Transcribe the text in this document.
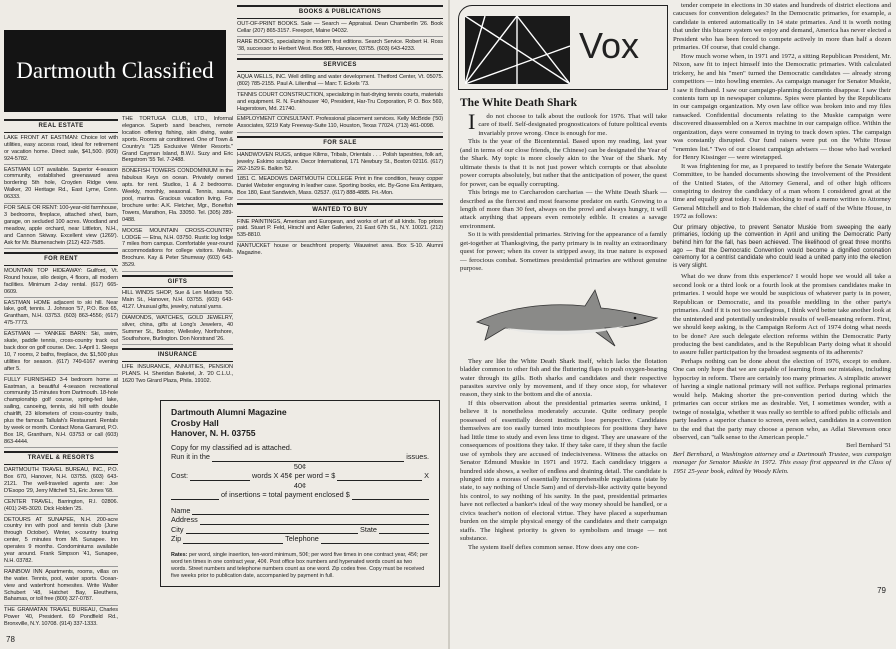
Dartmouth Classified
REAL ESTATE
LAKE FRONT AT EASTMAN: Choice lot with utilities, easy access road, ideal for retirement or vacation home. Direct sale, $41,500. (609) 924-5782.
EASTMAN LOT available. Superior 4-season community, established greenaward area bordering 5th hole, Croyden Ridge view. Walker, 20 Heritage Rd., East Lyme, Conn. 06333.
FOR SALE OR RENT: 100-year-old farmhouse, 3 bedrooms, fireplace, attached shed, barn, garage, on secluded 100 acres. Woodland and meadow, apple orchard, near Littleton, N.H., and Cannon Skiway. Excellent view (1269'). Ask for Mr. Blumenschein (212) 422-7585.
FOR RENT
MOUNTAIN TOP HIDEAWAY: Guilford, Vt. Round house, silo design, 4 floors, all modern facilities. Minimum 2-day rental. (617) 665-0609.
EASTMAN HOME adjacent to ski hill. Near lake, golf, tennis. J. Johnson '57, P.O. Box 65, Grantham, N.H. 03753. (603) 863-4556; (617) 475-7773.
EASTMAN — YANKEE BARN: Ski, swim, skate, paddle tennis, cross-country track out back door on golf course. Dec. 1-April 1. Sleeps 10, 7 rooms, 2 baths, fireplace, dw. $1,500 plus utilities for season. (617) 749-6167 evening after 5.
FULLY FURNISHED 3-4 bedroom home at Eastman, a beautiful 4-season recreational community 15 minutes from Dartmouth. 18-hole championship golf course, spring-fed lake, sailing, canoeing, tennis, ski hill with double chairlift, 23 kilometers of cross-country trails, plus the famous Tallulah's Restaurant. Rentals by week or month. Contact Mona Garrand, P.O. Box 1R, Grantham, N.H. 03753 or call (603) 863-4444.
TRAVEL & RESORTS
DARTMOUTH TRAVEL BUREAU, INC., P.O. Box 670, Hanover, N.H. 03755. (603) 643-2121. The well-traveled agents are: Joe D'Esopo '29, Jerry Mitchell '51, Eric Jones '68.
CENTER TRAVEL, Barrington, R.I. 02806. (401) 245-3020. Dick Holden '25.
DETOURS AT SUNAPEE, N.H. 200-acre country inn with pool and tennis club (June through October). Winter, x-country touring center, 5 minutes from Mt. Sunapee. Inn operates 9 months. Condominiums available year around. Frank Simpson '41, Sunapee, N.H. 03782.
RAINBOW INN Apartments, rooms, villas on the water. Tennis, pool, water sports. Ocean-view and waterfront homesites. Write Walter Schubert '48, Hatchet Bay, Eleuthera, Bahamas, or toll free (800) 327-0787.
THE GRAMATAN TRAVEL BUREAU, Charles Power '40, President. 69 Pondfield Rd., Bronxville, N.Y. 10708. (914) 337-1333.
THE TORTUGA CLUB, LTD., Informal elegance. Superb sand beaches, remote location offering fishing, skin diving, water sports. Rooms air conditioned. One of Town & Country's "125 Exclusive Winter Resorts." Grand Cayman Island, B.W.I. Suzy and Eric Bergstrom '55 Tel. 7-2488.
BONEFISH TOWERS CONDOMINIUM in the fabulous Keys on ocean. Privately owned apts. for rent. Studios, 1 & 2 bedrooms. Weekly, monthly, seasonal. Tennis, sauna, pool, marina. Gracious vacation living. For brochure write: A.K. Fletcher, Mgr., Bonefish Towers, Marathon, Fla. 33050. Tel. (305) 289-0488.
MOOSE MOUNTAIN CROSS-COUNTRY LODGE — Etna, N.H. 03750. Rustic log lodge 7 miles from campus. Comfortable year-round accommodations for college visitors. Meals. Brochure. Kay & Peter Shumway (603) 643-3529.
GIFTS
HILL WINDS SHOP, Sue & Len Matless '50. Main St., Hanover, N.H. 03755. (603) 643-4127. Unusual gifts, jewelry, natural yarns.
DIAMONDS, WATCHES, GOLD JEWELRY, silver, china, gifts at Long's Jewelers, 40 Summer St., Boston; Wellesley, Northshore, Southshore, Burlington. Don Norstrand '26.
INSURANCE
LIFE INSURANCE, ANNUITIES, PENSION PLANS. H. Sheridan Baketel, Jr. '20 C.L.U., 1620 Two Girard Plaza, Phila. 19102.
BOOKS & PUBLICATIONS
OUT-OF-PRINT BOOKS. Sale — Search — Appraisal. Dean Chamberlin '26. Book Cellar (207) 865-3157. Freeport, Maine 04032.
RARE BOOKS, specializing in modern first editions. Search Service. Robert H. Ross '38, successor to Herbert West. Box 985, Hanover, 03755. (603) 643-4233.
SERVICES
AQUA WELLS, INC. Well drilling and water development. Thetford Center, Vt. 05075. (802) 785-2155. Paul A. Lilienthal — Marc T. Eckels '73.
TENNIS COURT CONSTRUCTION, specializing in fast-drying tennis courts, materials and equipment. R. N. Funkhouser '40, President, Har-Tru Corporation, P. O. Box 569, Hagerstown, Md. 21740.
EMPLOYMENT CONSULTANT. Professional placement services. Kelly McBride ('50) Associates, 9219 Katy Freeway-Suite 110, Houston, Texas 77024. (713) 461-0098.
FOR SALE
HANDWOVEN RUGS, antique Kilims, Tribals, Orientals . . . Polish tapestries, folk art, jewelry. Eskimo sculpture. Decor International, 171 Newbury St., Boston 02116. (617) 262-1529 E. Balkin '52.
1851 C. MEADOWS DARTMOUTH COLLEGE Print in fine condition, heavy copper Daniel Webster engraving in leather case. Sporting books, etc. By-Gone Era Antiques, Box 180, East Sandwich, Mass. 02537. (617) 888-4885. Fri.-Mon.
WANTED TO BUY
FINE PAINTINGS, American and European, and works of art of all kinds. Top prices paid. Stuart P. Feld, Hirschl and Adler Galleries, 21 East 67th St., N.Y. 10021. (212) 535-8810.
NANTUCKET house or beachfront property. Wauwinet area. Box S-10. Alumni Magazine.
Dartmouth Alumni Magazine
Crosby Hall
Hanover, N. H. 03755
Copy for my classified ad is attached.
Run it in the	issues.
50¢
Cost:	words X 45¢ per word = $	X
40¢
of insertions = total payment enclosed $
Name
Address
City	State
Zip	Telephone
Rates: per word, single insertion, ten-word minimum, 50¢; per word five times in one contract year, 45¢; per word ten times in one contract year, 40¢. Post office box numbers and hypenated words count as two words. Street numbers and telephone numbers count as one word. Zip codes free. Copy must be received five weeks prior to publication date, accompanied by payment in full.
78
Vox
The White Death Shark

Ido not choose to talk about the outlook for 1976. That will take care of itself. Self-designated prognosticators of future political events invariably prove wrong. Once is enough for me.

This is the year of the Bicentennial. Based upon my reading, last year (and in terms of our close friends, the Chinese) can be designated the Year of the Shark. My topic is more closely akin to the Year of the Shark. My ultimate thesis is that it is not just power which corrupts or that absolute power corrupts absolutely, but rather that the anticipation of power, the quest for power, can be equally corrupting.

This brings me to Carcharodon carcharias — the White Death Shark — described as the fiercest and most fearsome predator on earth. Growing to a length of more than 30 feet, always on the prowl and always hungry, it will attack anything that appears even remotely edible. It creates a savage environment.

So it is with presidential primaries. Striving for the appearance of a family get-together at Thanksgiving, the party primary is in reality an extraordinary quest for power; when its cover is stripped away, its true nature is exposed — ferocious combat. Sometimes presidential primaries are without genuine purpose.

They are like the White Death Shark itself, which lacks the flotation bladder common to other fish and the fluttering flaps to push oxygen-bearing water through its gills. Both sharks and candidates and their respective parasites survive only by movement, and if they once stop, for whatever reason, they sink to the bottom and die of anoxia.

If this observation about the presidential primaries seems unkind, I believe it is nonetheless moderately accurate. Quite ordinary people possessed of essentially decent instincts lose perspective. Candidates themselves are too easily turned into mouthpieces for positions they have had little time to study and even less time to digest. They are unaware of the consequences of positions they take. If they take care, if they shun the facile use of symbols they are accused of indecisiveness. Witness the attacks on Senator Edmund Muskie in 1971 and 1972. Each candidacy triggers a hundred side shows, a welter of endless and draining detail. The candidate is plunged into a morass of essentially incomprehensible regulations (state by state, to say nothing of Uncle Sam) and of dervish-like activity quite beyond his control, to say nothing of his sanity. In the past, presidential primaries have not reflected a banker's ideal of the way money should be handled, or a civics teacher's notion of electoral virtue. They have placed a superhuman burden on the simple physical energy of the candidates and their campaign staffs. The highest priority is given to symbolism and image — not substance.

The system itself defies common sense. How does any one con-

tender compete in elections in 30 states and hundreds of district elections and caucuses for convention delegates? In the Democratic primaries, for example, a candidate is entered automatically in 14 state primaries. And it is worth noting that under this bizarre system we enjoy and demand, America has never elected a President who has been forced to compete actively in more than half a dozen primaries. Of course, that could change.

How much worse when, in 1971 and 1972, a sitting Republican President, Mr. Nixon, saw fit to inject himself into the Democratic primaries. With calculated trickery, he and his "men" turned the Democratic candidates — already strong competitors — into howling enemies. As campaign manager for Senator Muskie, I saw it firsthand. I saw our campaign-planning documents disappear. I saw their contents turn up in newspaper columns. Spies were planted by the Republicans in our campaign organization. My own law office was broken into and my files ransacked. Confidential documents relating to the Muskie campaign were discovered disassembled on a Xerox machine in our campaign office. Within the organization, days were consumed in trying to track down spies. The campaign was constantly disrupted. Our fund raisers were put on the White House "enemies list." Two of our closest campaign advisers — those who had worked for Henry Kissinger — were wiretapped.

It was frightening for me, as I prepared to testify before the Senate Watergate Committee, to be handed documents showing the involvement of the President of the United States, of the Attorney General, and of other high officers conspiring to destroy the candidacy of a man whom I considered great at the time and equally great today. It was shocking to read a memo written to Attorney General Mitchell and to Bob Haldeman, the chief of staff of the White House, in 1972 as follows:

Our primary objective, to prevent Senator Muskie from sweeping the early primaries, locking up the convention in April and uniting the Democratic Party behind him for the fall, has been achieved. The likelihood of great three months ago — that the Democratic Convention would become a dignified coronation ceremony for a centrist candidate who could lead a united party into the election is very slight.

What do we draw from this experience? I would hope we would all take a second look or a third look or a fourth look at the promises candidates make in primaries. I would hope we would be suspicious of whatever party is in power, Republican or Democratic, and its possible meddling in the other party's primaries. And if it is not too sacrilegious, I think we'd better take another look at the unintended and potentially undesirable results of well-meaning reform. First, we should keep asking, is the Campaign Reform Act of 1974 doing what needs to be done? Are such delegate election reforms within the Democratic Party producing the best candidates, and is the Republican Party doing what it should to assure fuller participation by the broadest segments of its adherents?

Perhaps nothing can be done about the election of 1976, except to endure. One can only hope that we are capable of learning from our mistakes, including hypocrisy in reform. There are certainly too many primaries. A simplistic answer of having a single national primary will not suffice. Perhaps regional primaries would help. Making shorter the pre-convention period during which the primaries can occur strikes me as desirable. Yet, I sometimes wonder, with a twinge of nostalgia, whether it was really so terrible to afford public officials and party leaders a superior chance to screen, even select, candidates in a convention to the end that the party may choose a person who, as Adlai Stevenson once observed, can "talk sense to the American people."

Berl Bernhard '51
Berl Bernhard, a Washington attorney and a Dartmouth Trustee, was campaign manager for Senator Muskie in 1972. This essay first appeared in the Class of 1951 25-year book, edited by Woody Klein.
79
